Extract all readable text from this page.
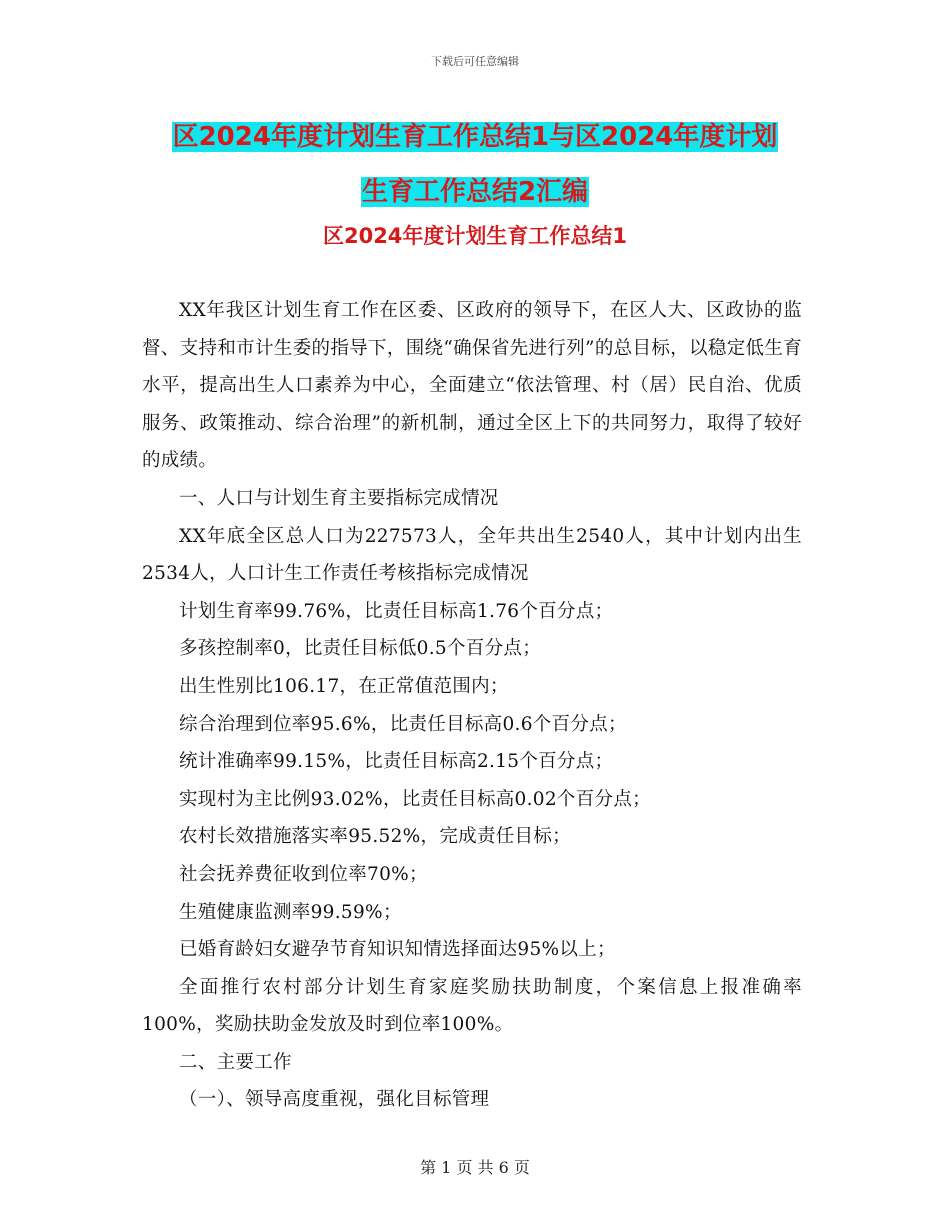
下载后可任意编辑
区2024年度计划生育工作总结1与区2024年度计划
生育工作总结2汇编
区2024年度计划生育工作总结1

XX年我区计划生育工作在区委、区政府的领导下，在区人大、区政协的监督、支持和市计生委的指导下，围绕“确保省先进行列”的总目标，以稳定低生育水平，提高出生人口素养为中心，全面建立“依法管理、村（居）民自治、优质服务、政策推动、综合治理”的新机制，通过全区上下的共同努力，取得了较好的成绩。

一、人口与计划生育主要指标完成情况

XX年底全区总人口为227573人，全年共出生2540人，其中计划内出生2534人，人口计生工作责任考核指标完成情况

计划生育率99.76%，比责任目标高1.76个百分点；

多孩控制率0，比责任目标低0.5个百分点；

出生性别比106.17，在正常值范围内；

综合治理到位率95.6%，比责任目标高0.6个百分点；

统计准确率99.15%，比责任目标高2.15个百分点；

实现村为主比例93.02%，比责任目标高0.02个百分点；

农村长效措施落实率95.52%，完成责任目标；

社会抚养费征收到位率70%；

生殖健康监测率99.59%；

已婚育龄妇女避孕节育知识知情选择面达95%以上；

全面推行农村部分计划生育家庭奖励扶助制度，个案信息上报准确率100%，奖励扶助金发放及时到位率100%。

二、主要工作

（一）、领导高度重视，强化目标管理

第 1 页 共 6 页
